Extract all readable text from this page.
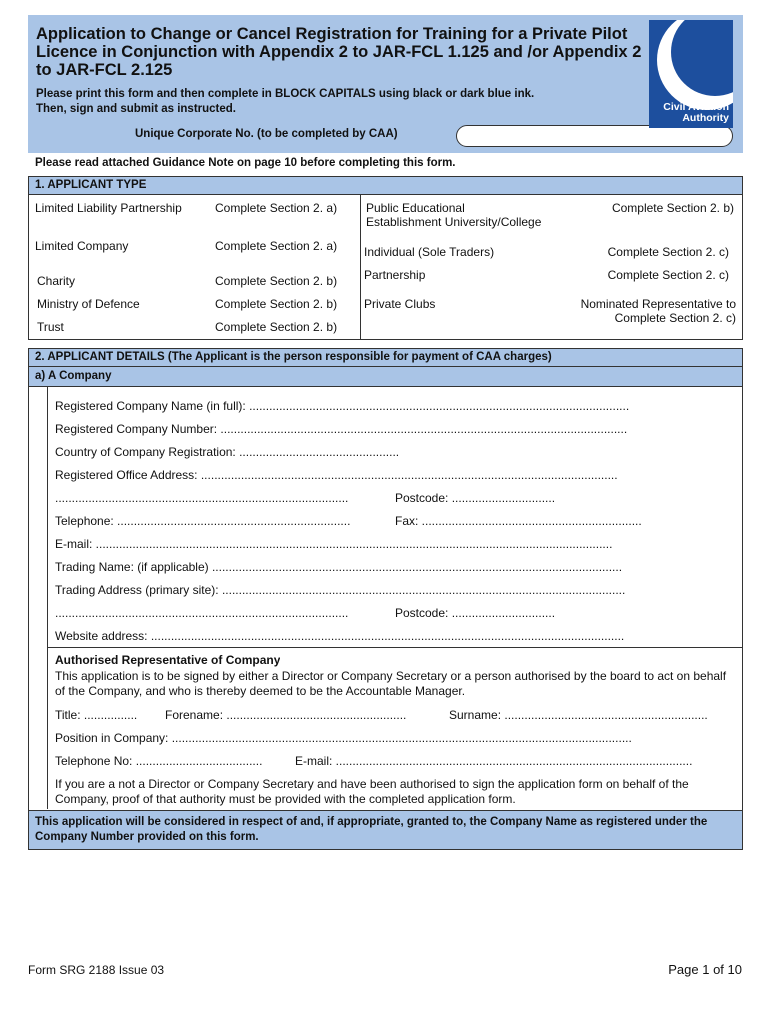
Application to Change or Cancel Registration for Training for a Private Pilot Licence in Conjunction with Appendix 2 to JAR-FCL 1.125 and /or Appendix 2 to JAR-FCL 2.125
Please print this form and then complete in BLOCK CAPITALS using black or dark blue ink.
Then, sign and submit as instructed.
Unique Corporate No. (to be completed by CAA)
Civil Aviation
Authority
Please read attached Guidance Note on page 10 before completing this form.
1. APPLICANT TYPE
Limited Liability Partnership	Complete Section 2. a)
Limited Company	Complete Section 2. a)
Charity	Complete Section 2. b)
Ministry of Defence	Complete Section 2. b)
Trust	Complete Section 2. b)
Public Educational
Establishment University/College
Complete Section 2. b)
Individual (Sole Traders)	Complete Section 2. c)
Partnership	Complete Section 2. c)
Private Clubs	Nominated Representative to
Complete Section 2. c)
2. APPLICANT DETAILS (The Applicant is the person responsible for payment of CAA charges)
a) A Company
Registered Company Name (in full): ..................................................................................................................
Registered Company Number: ..........................................................................................................................
Country of Company Registration: ................................................
Registered Office Address: .............................................................................................................................
........................................................................................	Postcode: ...............................
Telephone: ......................................................................	Fax: ..................................................................
E-mail: ...........................................................................................................................................................
Trading Name: (if applicable) ...........................................................................................................................
Trading Address (primary site): .........................................................................................................................
........................................................................................	Postcode: ...............................
Website address: ..............................................................................................................................................
Authorised Representative of Company
This application is to be signed by either a Director or Company Secretary or a person authorised by the board to act on behalf of the Company, and who is thereby deemed to be the Accountable Manager.
Title: ................	Forename: ......................................................	Surname: .............................................................
Position in Company: ..........................................................................................................................................
Telephone No: ......................................	E-mail: ...........................................................................................................
If you are a not a Director or Company Secretary and have been authorised to sign the application form on behalf of the Company, proof of that authority must be provided with the completed application form.
This application will be considered in respect of and, if appropriate, granted to, the Company Name as registered under the Company Number provided on this form.
Form SRG 2188 Issue 03	Page 1 of 10
